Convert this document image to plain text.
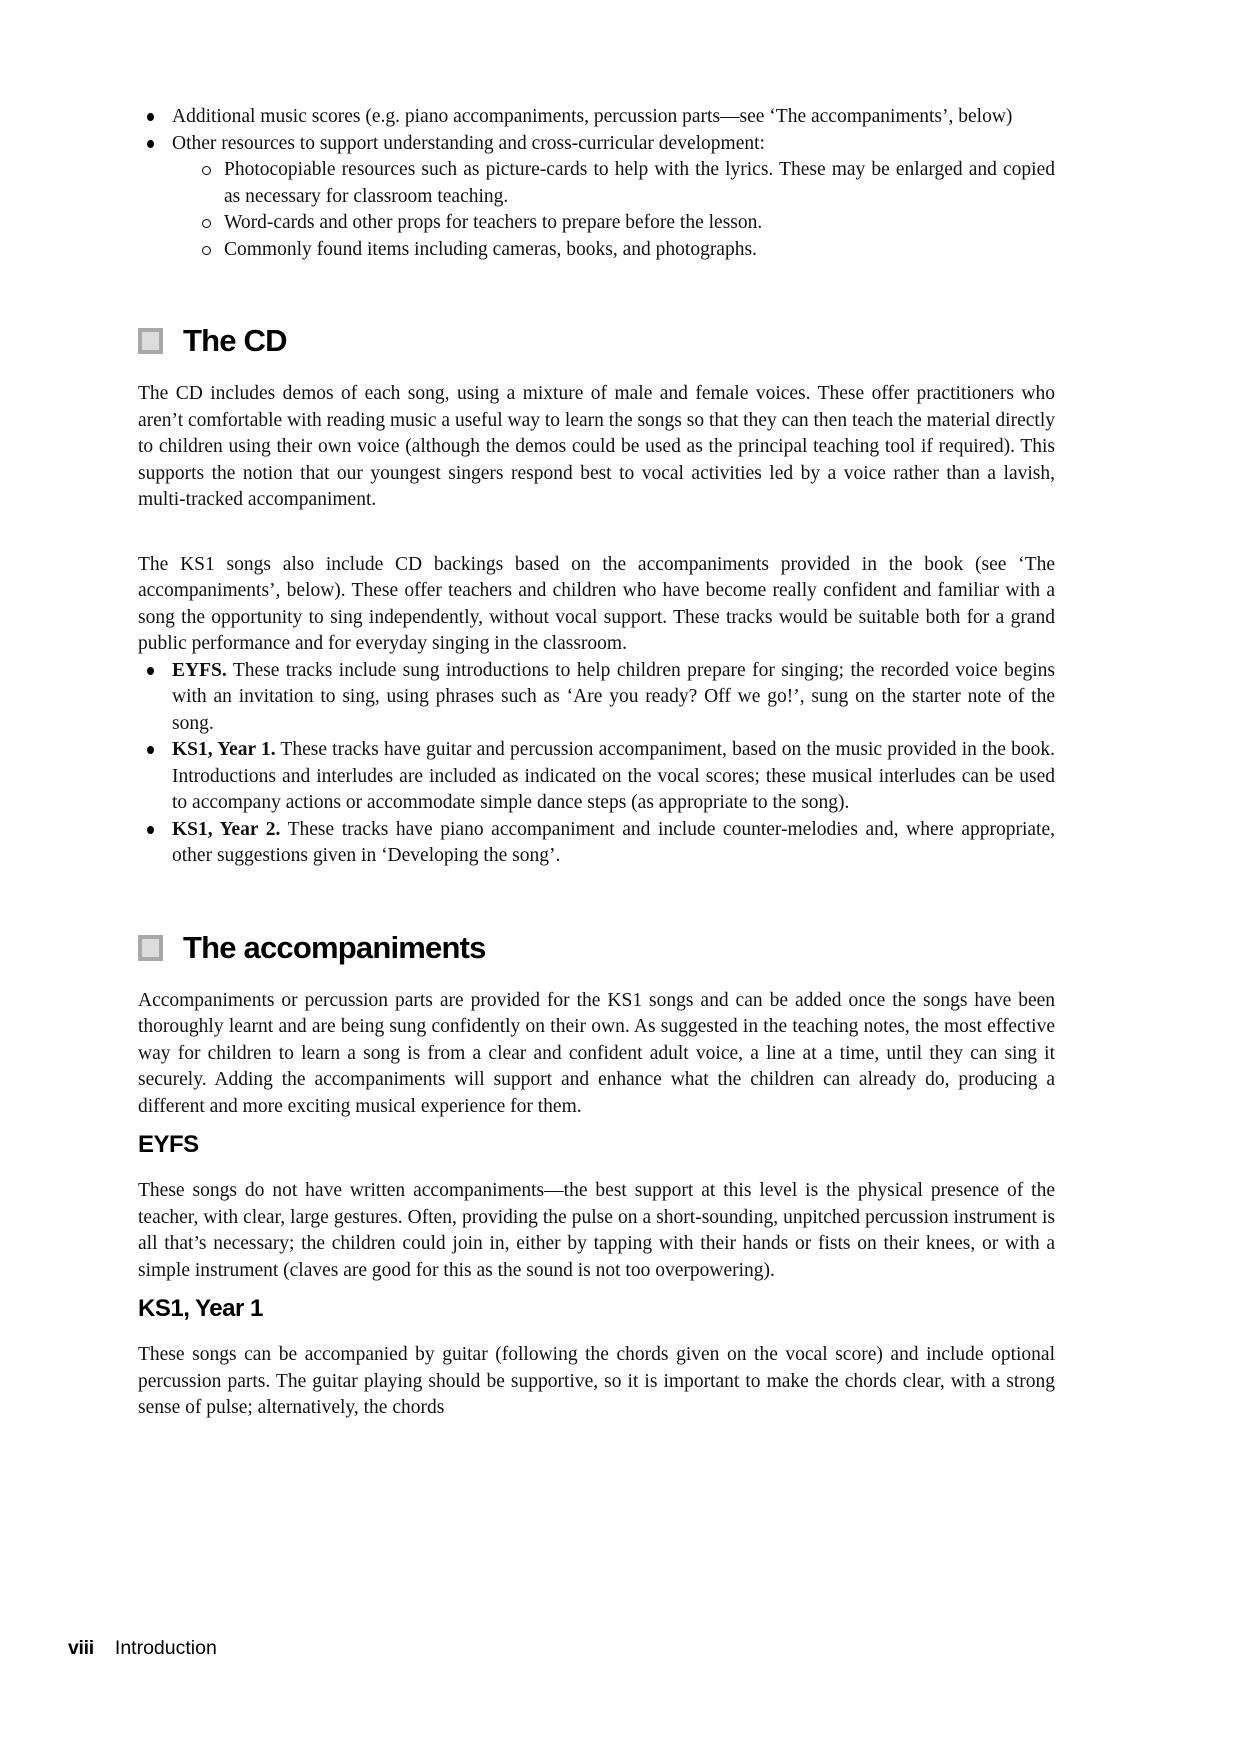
Additional music scores (e.g. piano accompaniments, percussion parts—see ‘The accompaniments’, below)
Other resources to support understanding and cross-curricular development:
Photocopiable resources such as picture-cards to help with the lyrics. These may be enlarged and copied as necessary for classroom teaching.
Word-cards and other props for teachers to prepare before the lesson.
Commonly found items including cameras, books, and photographs.
The CD

The CD includes demos of each song, using a mixture of male and female voices. These offer practitioners who aren’t comfortable with reading music a useful way to learn the songs so that they can then teach the material directly to children using their own voice (although the demos could be used as the principal teaching tool if required). This supports the notion that our youngest singers respond best to vocal activities led by a voice rather than a lavish, multi-tracked accompaniment.

The KS1 songs also include CD backings based on the accompaniments provided in the book (see ‘The accompaniments’, below). These offer teachers and children who have become really confident and familiar with a song the opportunity to sing independently, without vocal support. These tracks would be suitable both for a grand public performance and for everyday singing in the classroom.

EYFS. These tracks include sung introductions to help children prepare for singing; the recorded voice begins with an invitation to sing, using phrases such as ‘Are you ready? Off we go!’, sung on the starter note of the song.
KS1, Year 1. These tracks have guitar and percussion accompaniment, based on the music provided in the book. Introductions and interludes are included as indicated on the vocal scores; these musical interludes can be used to accompany actions or accommodate simple dance steps (as appropriate to the song).
KS1, Year 2. These tracks have piano accompaniment and include counter-melodies and, where appropriate, other suggestions given in ‘Developing the song’.
The accompaniments

Accompaniments or percussion parts are provided for the KS1 songs and can be added once the songs have been thoroughly learnt and are being sung confidently on their own. As suggested in the teaching notes, the most effective way for children to learn a song is from a clear and confident adult voice, a line at a time, until they can sing it securely. Adding the accompaniments will support and enhance what the children can already do, producing a different and more exciting musical experience for them.

EYFS

These songs do not have written accompaniments—the best support at this level is the physical presence of the teacher, with clear, large gestures. Often, providing the pulse on a short-sounding, unpitched percussion instrument is all that’s necessary; the children could join in, either by tapping with their hands or fists on their knees, or with a simple instrument (claves are good for this as the sound is not too overpowering).

KS1, Year 1

These songs can be accompanied by guitar (following the chords given on the vocal score) and include optional percussion parts. The guitar playing should be supportive, so it is important to make the chords clear, with a strong sense of pulse; alternatively, the chords

viii Introduction
